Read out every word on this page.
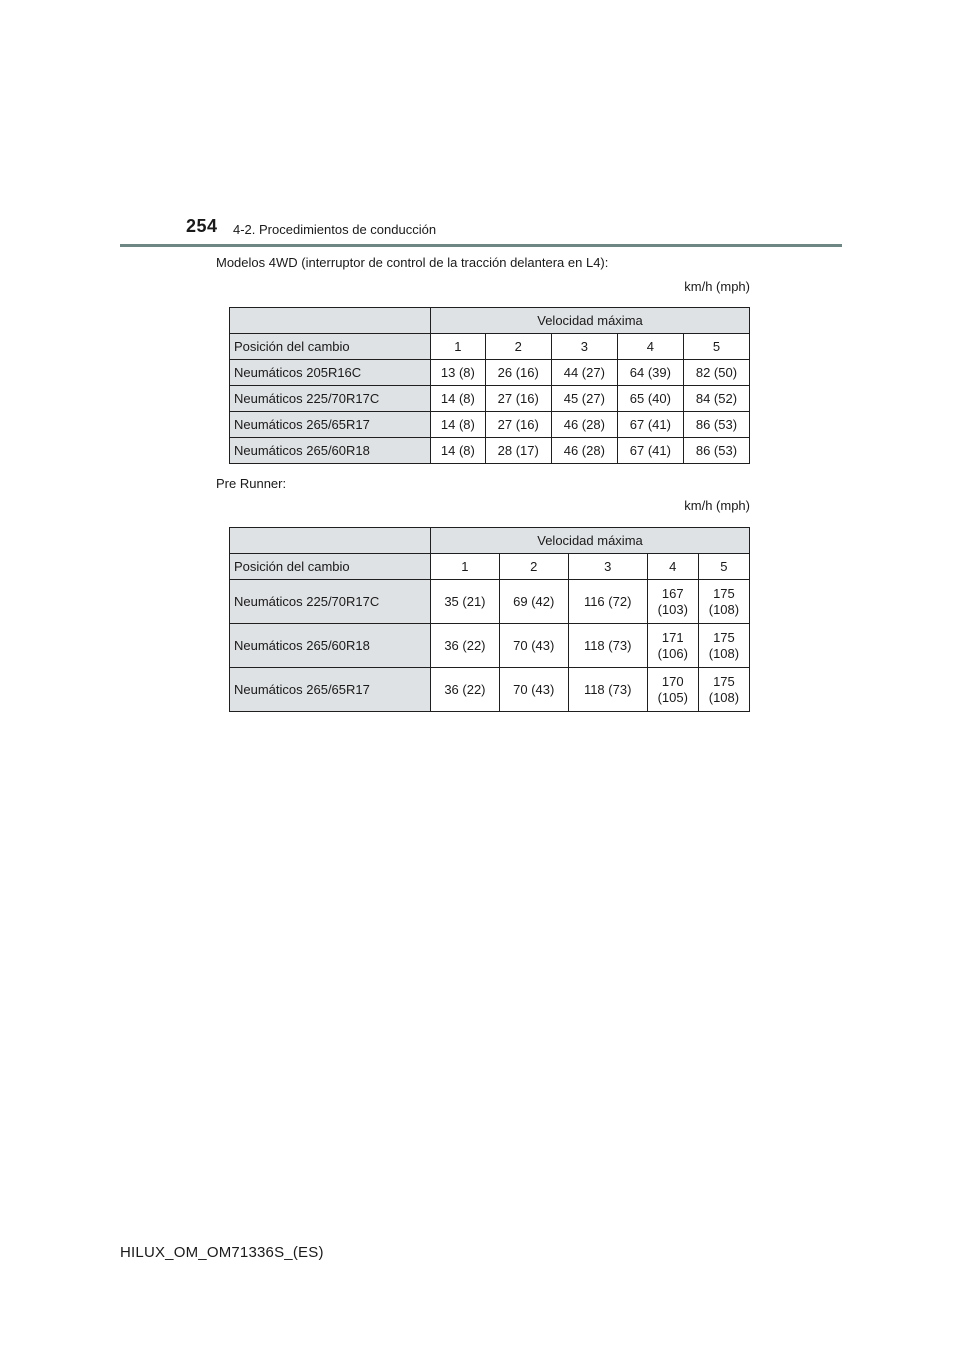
254 4-2. Procedimientos de conducción
Modelos 4WD (interruptor de control de la tracción delantera en L4):
km/h (mph)
	Velocidad máxima				
Posición del cambio	1	2	3	4	5
Neumáticos 205R16C	13 (8)	26 (16)	44 (27)	64 (39)	82 (50)
Neumáticos 225/70R17C	14 (8)	27 (16)	45 (27)	65 (40)	84 (52)
Neumáticos 265/65R17	14 (8)	27 (16)	46 (28)	67 (41)	86 (53)
Neumáticos 265/60R18	14 (8)	28 (17)	46 (28)	67 (41)	86 (53)
Pre Runner:
km/h (mph)
	Velocidad máxima				
Posición del cambio	1	2	3	4	5
Neumáticos 225/70R17C	35 (21)	69 (42)	116 (72)	167
(103)	175
(108)
Neumáticos 265/60R18	36 (22)	70 (43)	118 (73)	171
(106)	175
(108)
Neumáticos 265/65R17	36 (22)	70 (43)	118 (73)	170
(105)	175
(108)
HILUX_OM_OM71336S_(ES)
